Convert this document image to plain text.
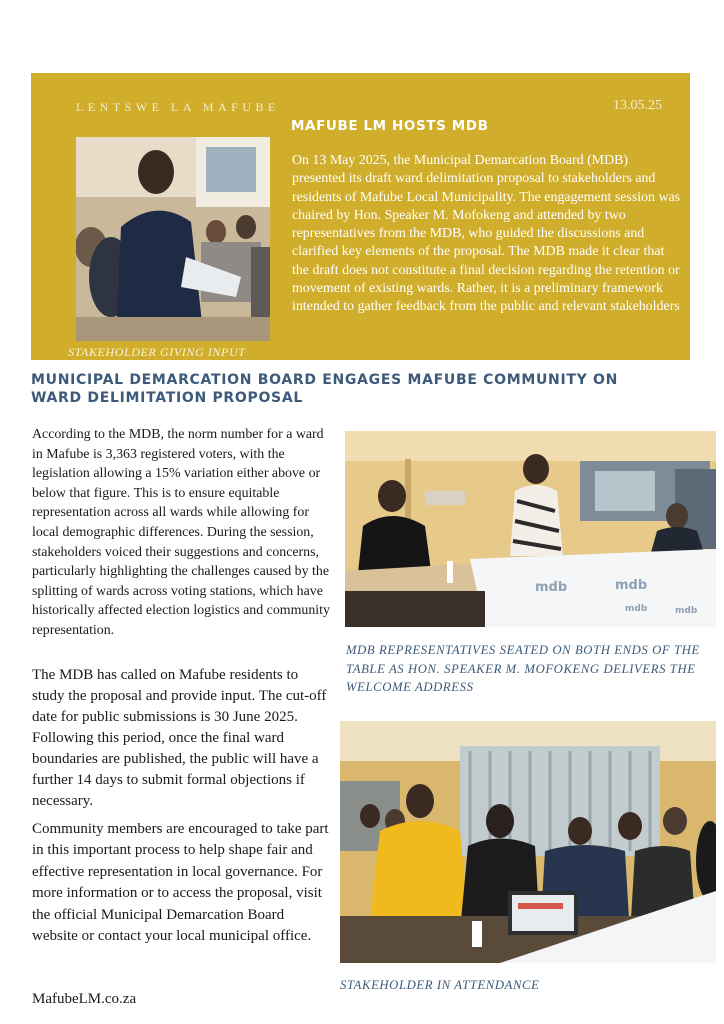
LENTSWE LA MAFUBE	13.05.25
MAFUBE LM HOSTS MDB
STAKEHOLDER GIVING INPUT
On 13 May 2025, the Municipal Demarcation Board (MDB) presented its draft ward delimitation proposal to stakeholders and residents of Mafube Local Municipality. The engagement session was chaired by Hon. Speaker M. Mofokeng and attended by two representatives from the MDB, who guided the discussions and clarified key elements of the proposal. The MDB made it clear that the draft does not constitute a final decision regarding the retention or movement of existing wards. Rather, it is a preliminary framework intended to gather feedback from the public and relevant stakeholders
MUNICIPAL DEMARCATION BOARD ENGAGES MAFUBE COMMUNITY ON WARD DELIMITATION PROPOSAL
According to the MDB, the norm number for a ward in Mafube is 3,363 registered voters, with the legislation allowing a 15% variation either above or below that figure. This is to ensure equitable representation across all wards while allowing for local demographic differences. During the session, stakeholders voiced their suggestions and concerns, particularly highlighting the challenges caused by the splitting of wards across voting stations, which have historically affected election logistics and community representation.
The MDB has called on Mafube residents to study the proposal and provide input. The cut-off date for public submissions is 30 June 2025. Following this period, once the final ward boundaries are published, the public will have a further 14 days to submit formal objections if necessary.
Community members are encouraged to take part in this important process to help shape fair and effective representation in local governance. For more information or to access the proposal, visit the official Municipal Demarcation Board website or contact your local municipal office.
mdb	mdb
mdb	mdb
MDB REPRESENTATIVES SEATED ON BOTH ENDS OF THE TABLE AS HON. SPEAKER M. MOFOKENG DELIVERS THE WELCOME ADDRESS
STAKEHOLDER IN ATTENDANCE
MafubeLM.co.za
